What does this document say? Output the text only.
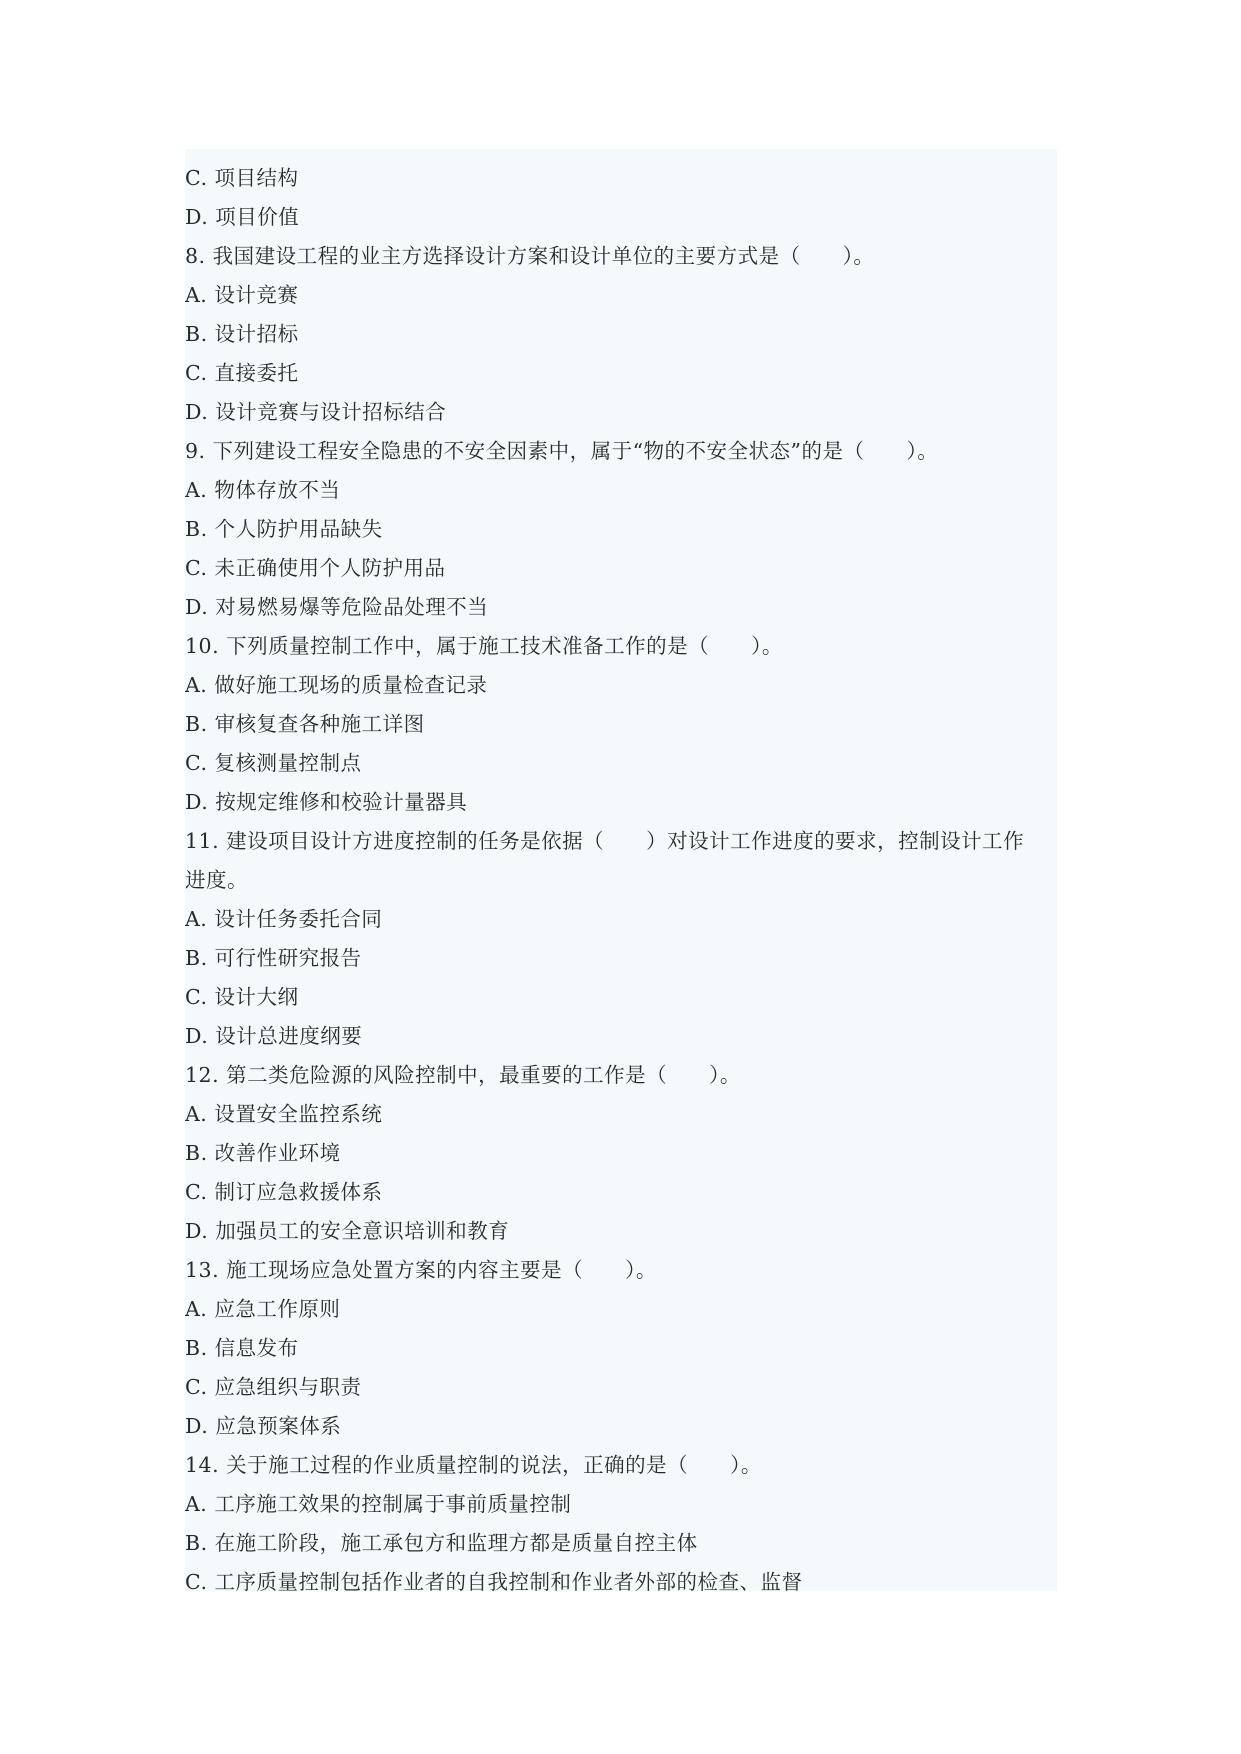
C. 项目结构
D. 项目价值
8. 我国建设工程的业主方选择设计方案和设计单位的主要方式是（　　）。
A. 设计竞赛
B. 设计招标
C. 直接委托
D. 设计竞赛与设计招标结合
9. 下列建设工程安全隐患的不安全因素中，属于“物的不安全状态”的是（　　）。
A. 物体存放不当
B. 个人防护用品缺失
C. 未正确使用个人防护用品
D. 对易燃易爆等危险品处理不当
10. 下列质量控制工作中，属于施工技术准备工作的是（　　）。
A. 做好施工现场的质量检查记录
B. 审核复查各种施工详图
C. 复核测量控制点
D. 按规定维修和校验计量器具
11. 建设项目设计方进度控制的任务是依据（　　）对设计工作进度的要求，控制设计工作
进度。
A. 设计任务委托合同
B. 可行性研究报告
C. 设计大纲
D. 设计总进度纲要
12. 第二类危险源的风险控制中，最重要的工作是（　　）。
A. 设置安全监控系统
B. 改善作业环境
C. 制订应急救援体系
D. 加强员工的安全意识培训和教育
13. 施工现场应急处置方案的内容主要是（　　）。
A. 应急工作原则
B. 信息发布
C. 应急组织与职责
D. 应急预案体系
14. 关于施工过程的作业质量控制的说法，正确的是（　　）。
A. 工序施工效果的控制属于事前质量控制
B. 在施工阶段，施工承包方和监理方都是质量自控主体
C. 工序质量控制包括作业者的自我控制和作业者外部的检查、监督
